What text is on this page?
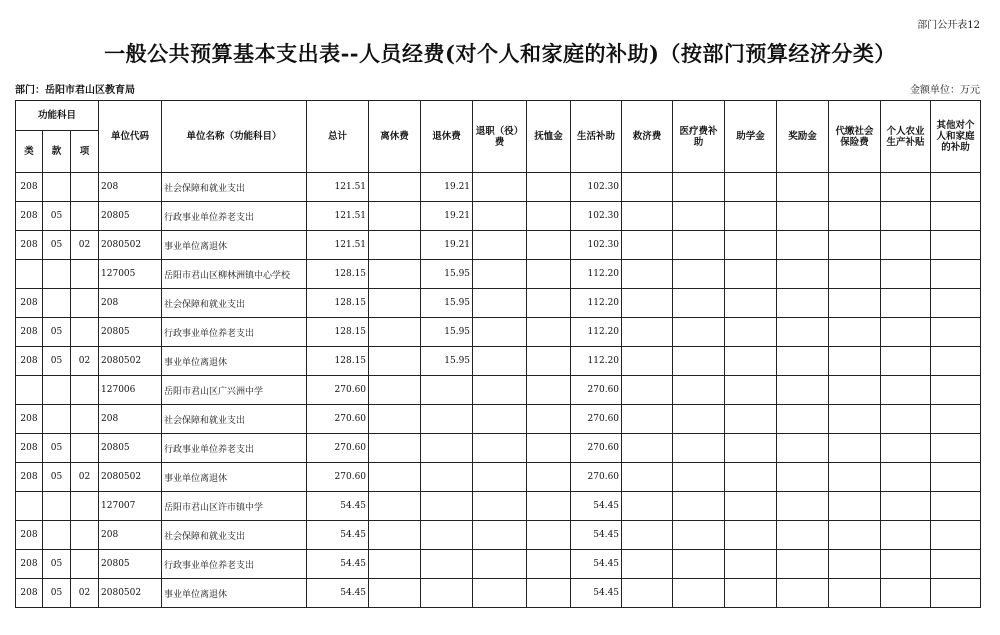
部门公开表12
一般公共预算基本支出表--人员经费(对个人和家庭的补助)（按部门预算经济分类）
部门：岳阳市君山区教育局	金额单位：万元
功能科目			单位代码	单位名称（功能科目）	总计	离休费	退休费	退职（役）费	抚恤金	生活补助	救济费	医疗费补助	助学金	奖励金	代缴社会保险费	个人农业生产补贴	其他对个人和家庭的补助
类	款	项															
208			208	社会保障和就业支出	121.51		19.21			102.30							
208	05		20805	行政事业单位养老支出	121.51		19.21			102.30							
208	05	02	2080502	事业单位离退休	121.51		19.21			102.30							
			127005	岳阳市君山区柳林洲镇中心学校	128.15		15.95			112.20							
208			208	社会保障和就业支出	128.15		15.95			112.20							
208	05		20805	行政事业单位养老支出	128.15		15.95			112.20							
208	05	02	2080502	事业单位离退休	128.15		15.95			112.20							
			127006	岳阳市君山区广兴洲中学	270.60					270.60							
208			208	社会保障和就业支出	270.60					270.60							
208	05		20805	行政事业单位养老支出	270.60					270.60							
208	05	02	2080502	事业单位离退休	270.60					270.60							
			127007	岳阳市君山区许市镇中学	54.45					54.45							
208			208	社会保障和就业支出	54.45					54.45							
208	05		20805	行政事业单位养老支出	54.45					54.45							
208	05	02	2080502	事业单位离退休	54.45					54.45							
